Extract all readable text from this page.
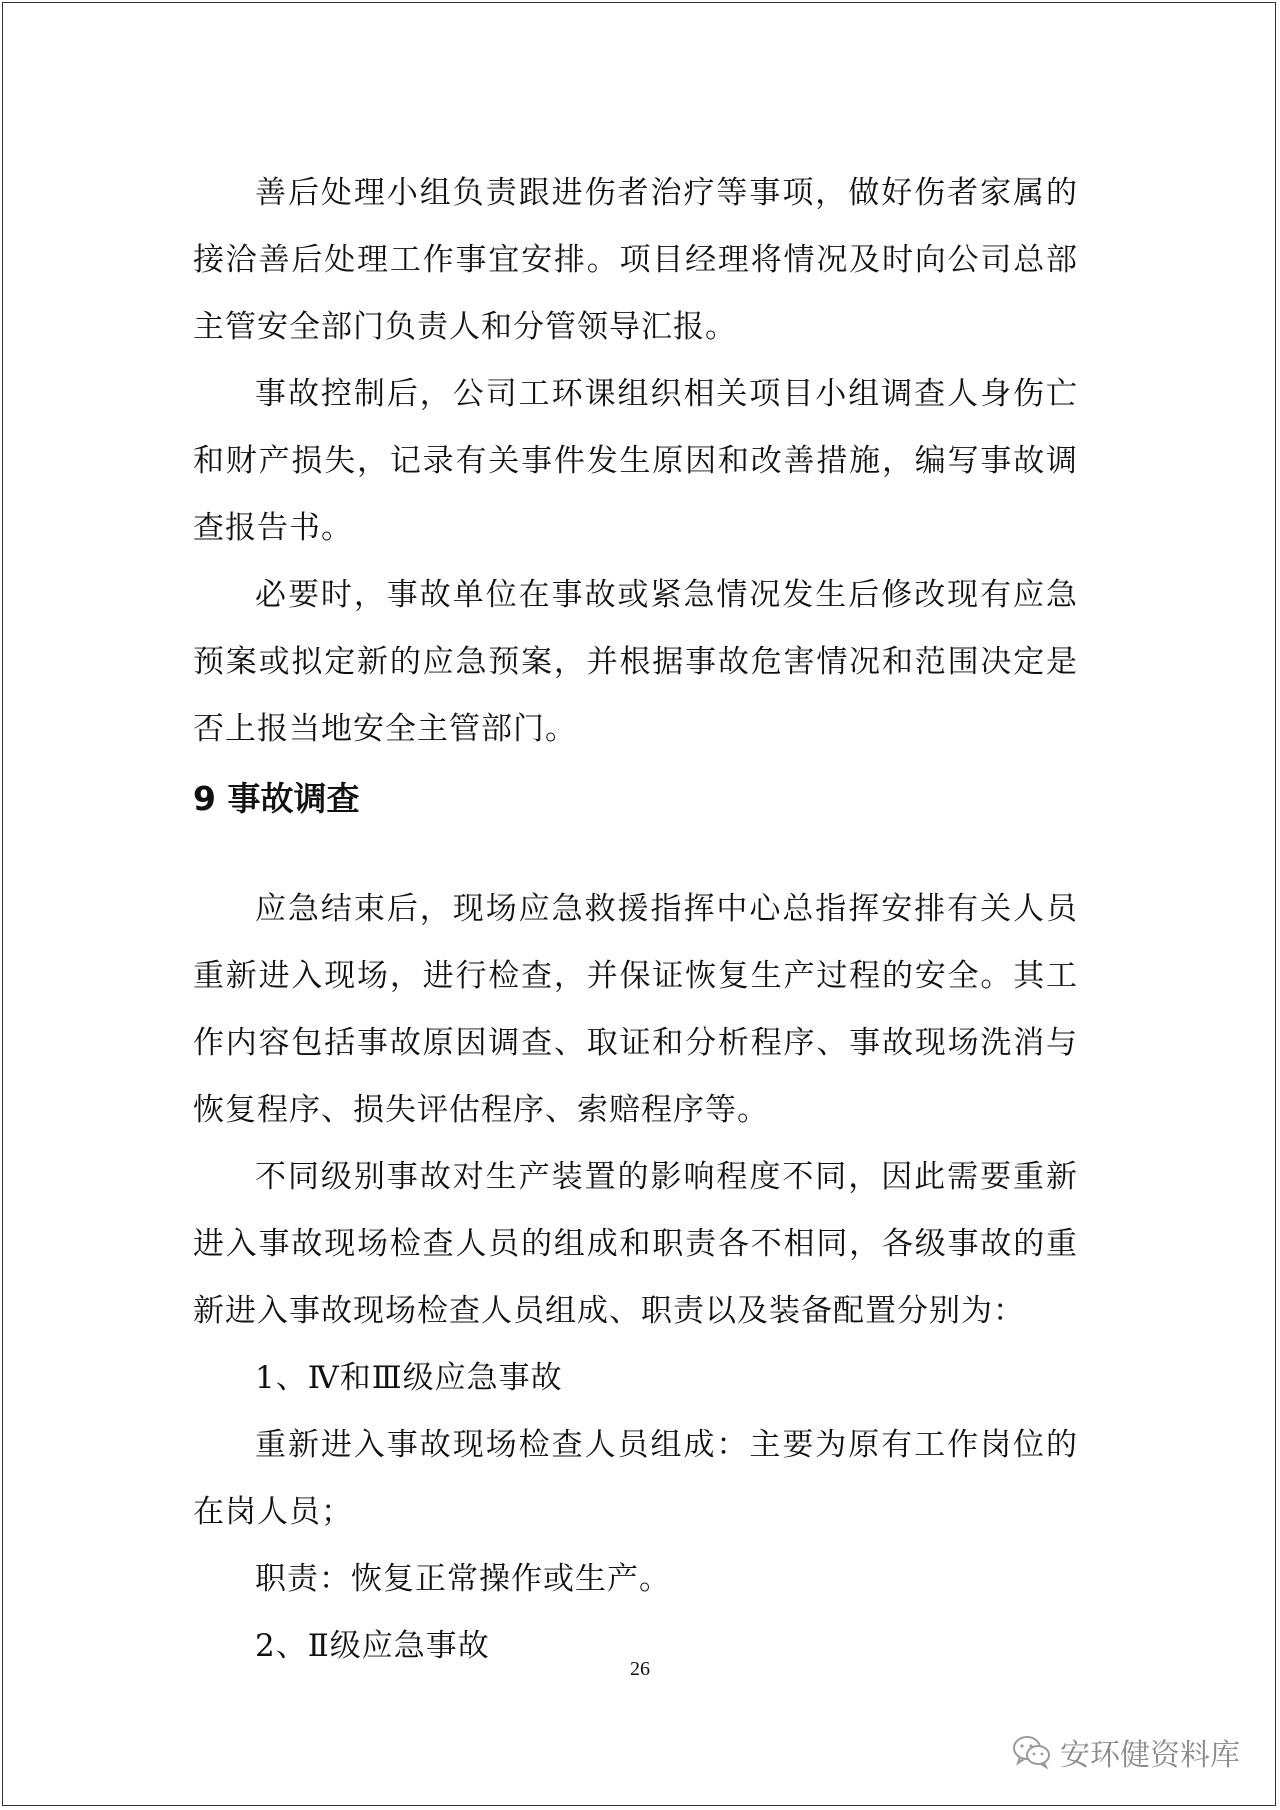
善后处理小组负责跟进伤者治疗等事项，做好伤者家属的接洽善后处理工作事宜安排。项目经理将情况及时向公司总部主管安全部门负责人和分管领导汇报。

事故控制后，公司工环课组织相关项目小组调查人身伤亡和财产损失，记录有关事件发生原因和改善措施，编写事故调查报告书。

必要时，事故单位在事故或紧急情况发生后修改现有应急预案或拟定新的应急预案，并根据事故危害情况和范围决定是否上报当地安全主管部门。

9 事故调查

应急结束后，现场应急救援指挥中心总指挥安排有关人员重新进入现场，进行检查，并保证恢复生产过程的安全。其工作内容包括事故原因调查、取证和分析程序、事故现场洗消与恢复程序、损失评估程序、索赔程序等。

不同级别事故对生产装置的影响程度不同，因此需要重新进入事故现场检查人员的组成和职责各不相同，各级事故的重新进入事故现场检查人员组成、职责以及装备配置分别为：

1、Ⅳ和Ⅲ级应急事故

重新进入事故现场检查人员组成：主要为原有工作岗位的在岗人员；

职责：恢复正常操作或生产。

2、Ⅱ级应急事故

26
安环健资料库
